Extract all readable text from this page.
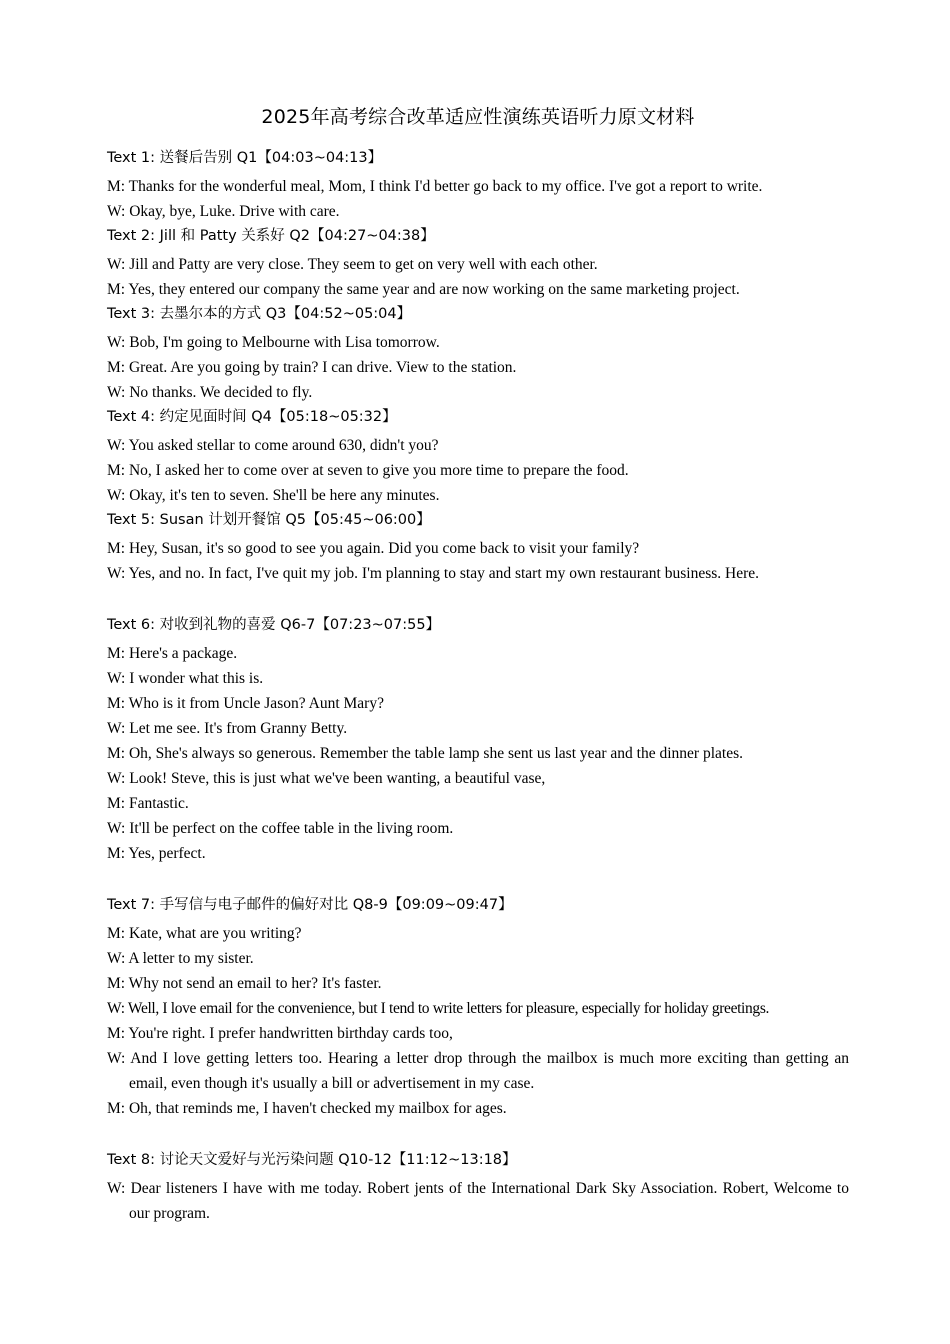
2025年高考综合改革适应性演练英语听力原文材料
Text 1: 送餐后告别 Q1【04:03~04:13】

M: Thanks for the wonderful meal, Mom, I think I'd better go back to my office. I've got a report to write.

W: Okay, bye, Luke. Drive with care.

Text 2: Jill 和 Patty 关系好 Q2【04:27~04:38】

W: Jill and Patty are very close. They seem to get on very well with each other.

M: Yes, they entered our company the same year and are now working on the same marketing project.

Text 3: 去墨尔本的方式 Q3【04:52~05:04】

W: Bob, I'm going to Melbourne with Lisa tomorrow.

M: Great. Are you going by train? I can drive. View to the station.

W: No thanks. We decided to fly.

Text 4: 约定见面时间 Q4【05:18~05:32】

W: You asked stellar to come around 630, didn't you?

M: No, I asked her to come over at seven to give you more time to prepare the food.

W: Okay, it's ten to seven. She'll be here any minutes.

Text 5: Susan 计划开餐馆 Q5【05:45~06:00】

M: Hey, Susan, it's so good to see you again. Did you come back to visit your family?

W: Yes, and no. In fact, I've quit my job. I'm planning to stay and start my own restaurant business. Here.

Text 6: 对收到礼物的喜爱 Q6-7【07:23~07:55】

M: Here's a package.

W: I wonder what this is.

M: Who is it from Uncle Jason? Aunt Mary?

W: Let me see. It's from Granny Betty.

M: Oh, She's always so generous. Remember the table lamp she sent us last year and the dinner plates.

W: Look! Steve, this is just what we've been wanting, a beautiful vase,

M: Fantastic.

W: It'll be perfect on the coffee table in the living room.

M: Yes, perfect.

Text 7: 手写信与电子邮件的偏好对比 Q8-9【09:09~09:47】

M: Kate, what are you writing?

W: A letter to my sister.

M: Why not send an email to her? It's faster.

W: Well, I love email for the convenience, but I tend to write letters for pleasure, especially for holiday greetings.

M: You're right. I prefer handwritten birthday cards too,

W: And I love getting letters too. Hearing a letter drop through the mailbox is much more exciting than getting an email, even though it's usually a bill or advertisement in my case.

M: Oh, that reminds me, I haven't checked my mailbox for ages.

Text 8: 讨论天文爱好与光污染问题 Q10-12【11:12~13:18】

W: Dear listeners I have with me today. Robert jents of the International Dark Sky Association. Robert, Welcome to our program.
